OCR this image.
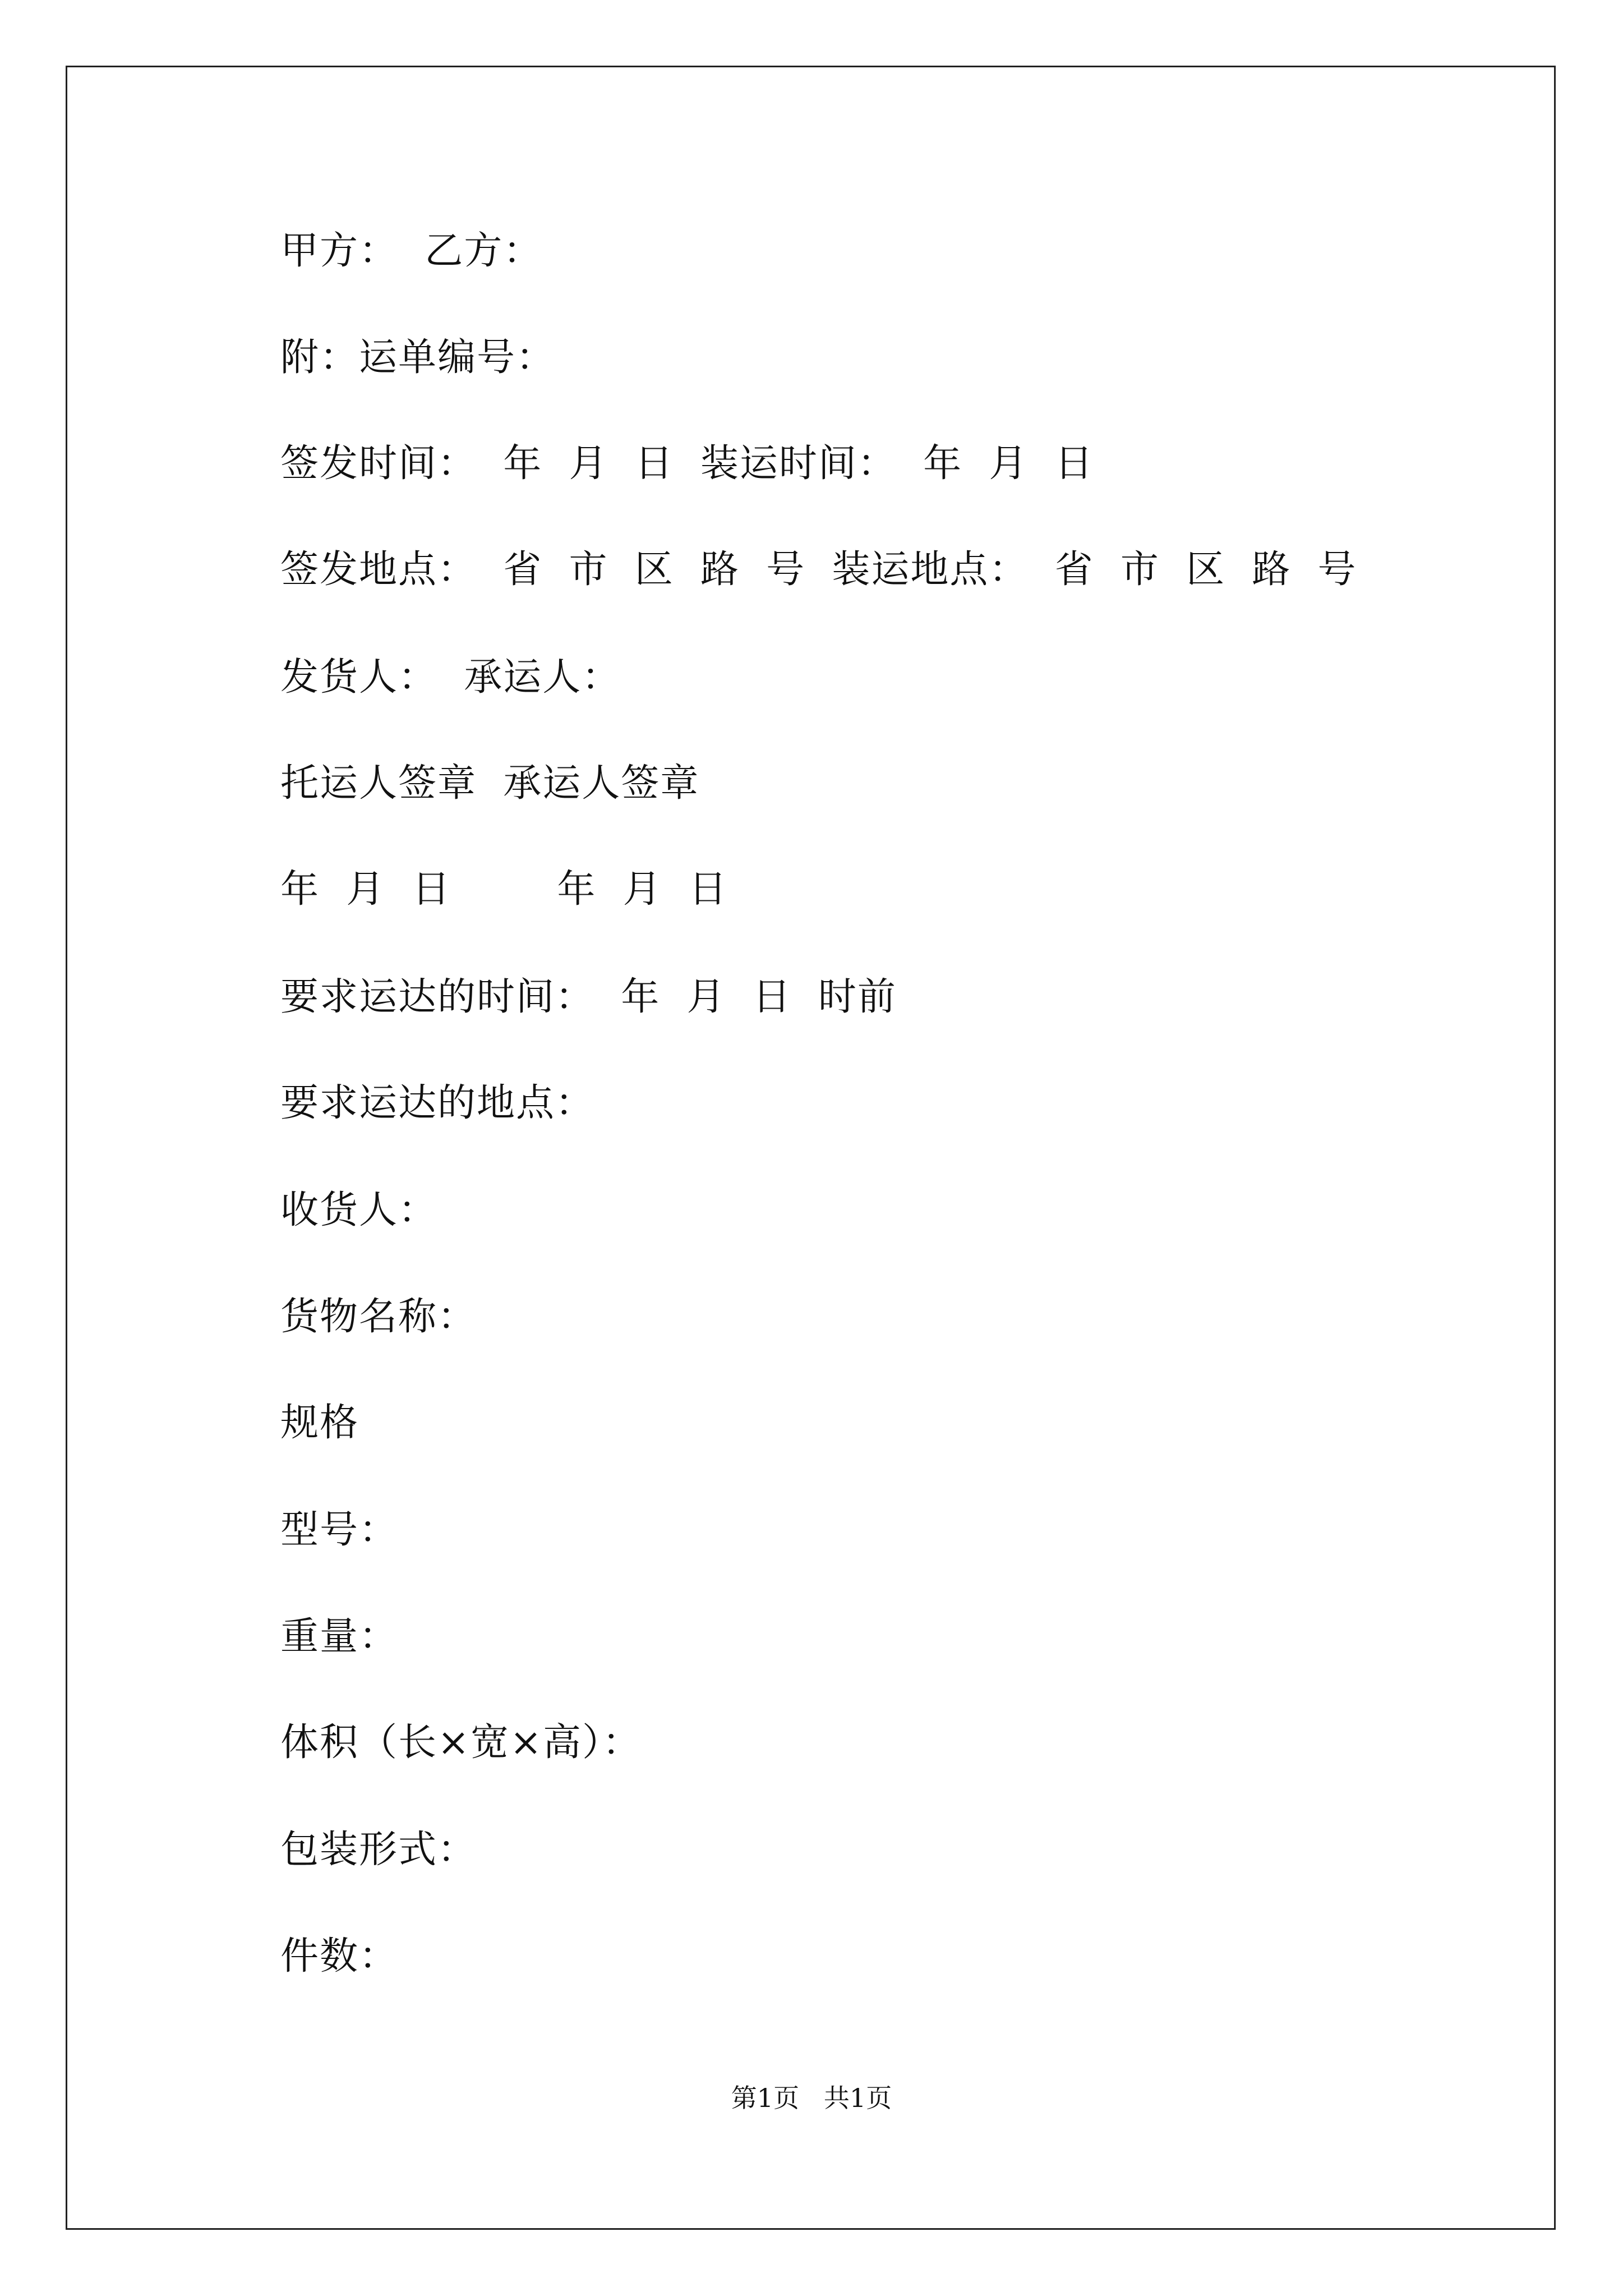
甲方：  乙方：
附：运单编号：
签发时间：  年  月  日  装运时间：  年  月  日
签发地点：  省  市  区  路  号  装运地点：  省  市  区  路  号
发货人：  承运人：
托运人签章  承运人签章
年  月  日        年  月  日
要求运达的时间：  年  月  日  时前
要求运达的地点：
收货人：
货物名称：
规格
型号：
重量：
体积（长×宽×高）：
包装形式：
件数：
第1页   共1页
